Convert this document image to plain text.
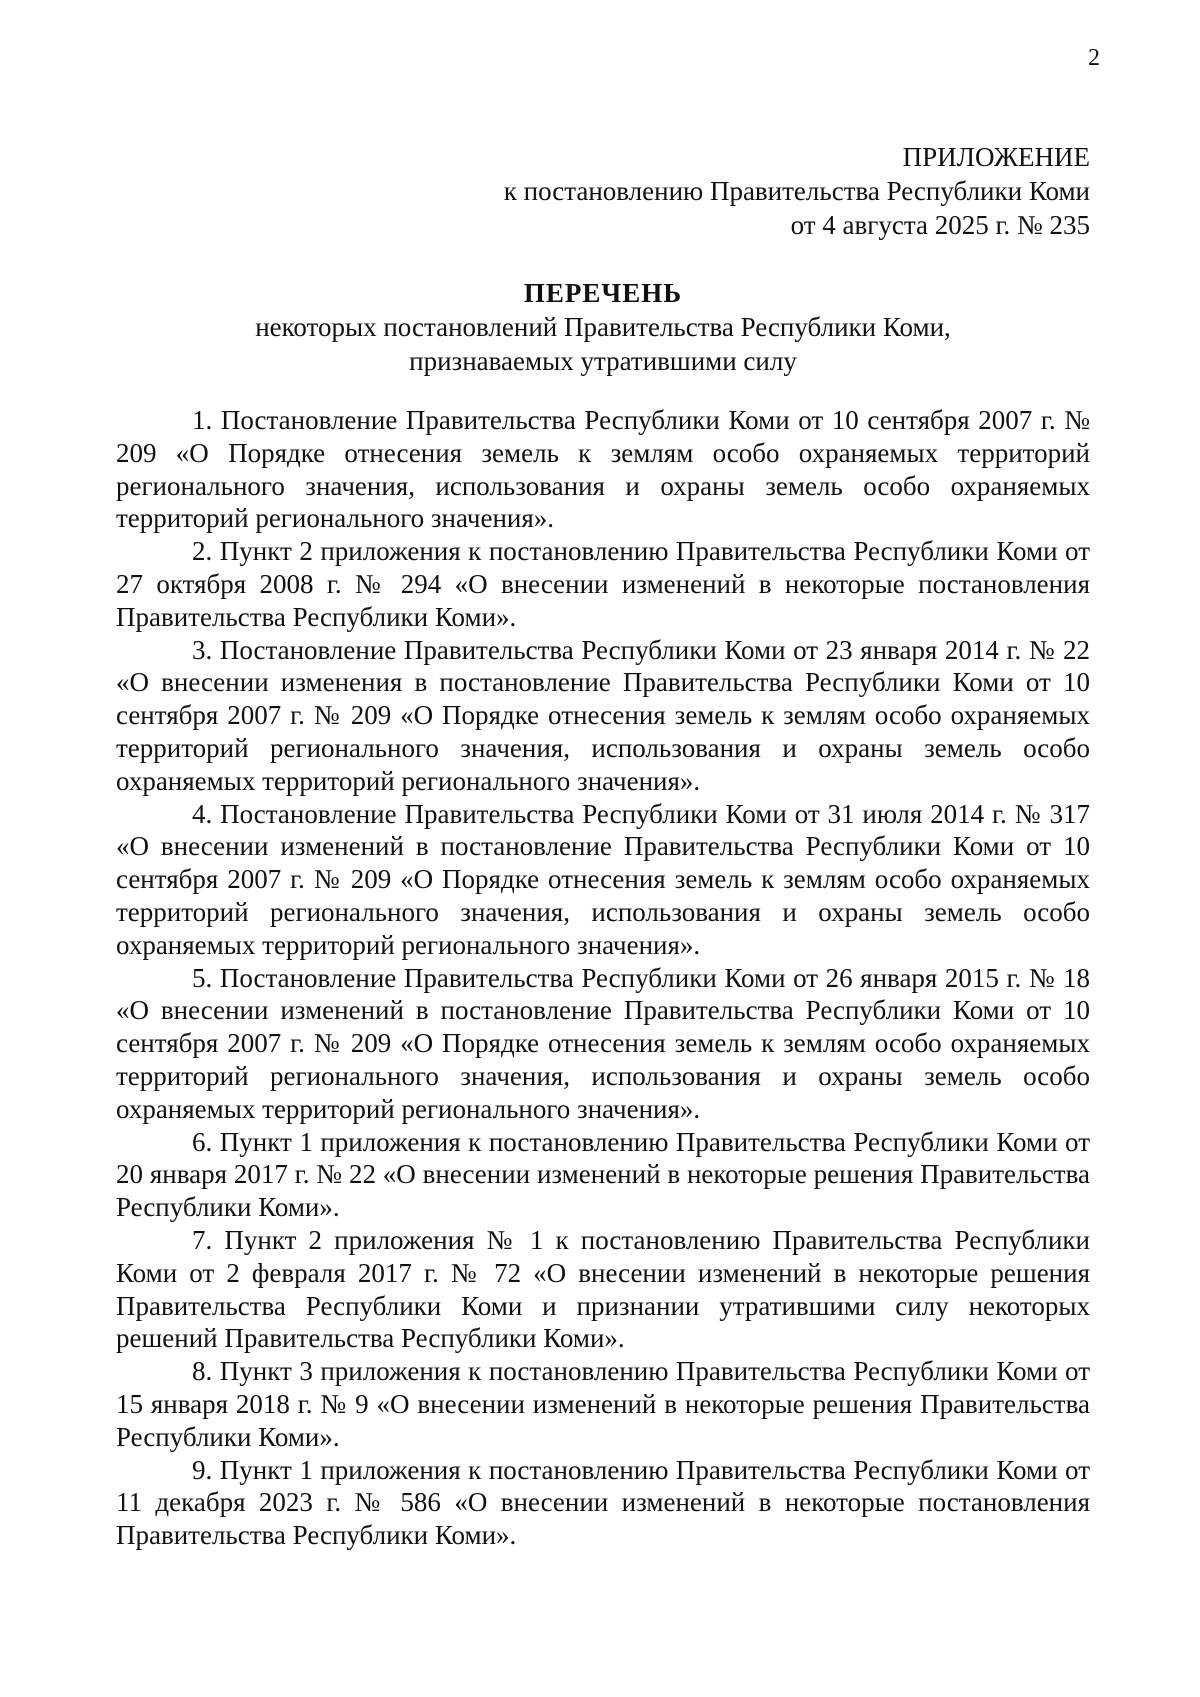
2
ПРИЛОЖЕНИЕ
к постановлению Правительства Республики Коми
от 4 августа 2025 г. № 235
ПЕРЕЧЕНЬ
некоторых постановлений Правительства Республики Коми,
признаваемых утратившими силу

1. Постановление Правительства Республики Коми от 10 сентября 2007 г. № 209 «О Порядке отнесения земель к землям особо охраняемых территорий регионального значения, использования и охраны земель особо охраняемых территорий регионального значения».

2. Пункт 2 приложения к постановлению Правительства Республики Коми от 27 октября 2008 г. № 294 «О внесении изменений в некоторые постановления Правительства Республики Коми».

3. Постановление Правительства Республики Коми от 23 января 2014 г. № 22 «О внесении изменения в постановление Правительства Республики Коми от 10 сентября 2007 г. № 209 «О Порядке отнесения земель к землям особо охраняемых территорий регионального значения, использования и охраны земель особо охраняемых территорий регионального значения».

4. Постановление Правительства Республики Коми от 31 июля 2014 г. № 317 «О внесении изменений в постановление Правительства Республики Коми от 10 сентября 2007 г. № 209 «О Порядке отнесения земель к землям особо охраняемых территорий регионального значения, использования и охраны земель особо охраняемых территорий регионального значения».

5. Постановление Правительства Республики Коми от 26 января 2015 г. № 18 «О внесении изменений в постановление Правительства Республики Коми от 10 сентября 2007 г. № 209 «О Порядке отнесения земель к землям особо охраняемых территорий регионального значения, использования и охраны земель особо охраняемых территорий регионального значения».

6. Пункт 1 приложения к постановлению Правительства Республики Коми от 20 января 2017 г. № 22 «О внесении изменений в некоторые решения Правительства Республики Коми».

7. Пункт 2 приложения № 1 к постановлению Правительства Республики Коми от 2 февраля 2017 г. № 72 «О внесении изменений в некоторые решения Правительства Республики Коми и признании утратившими силу некоторых решений Правительства Республики Коми».

8. Пункт 3 приложения к постановлению Правительства Республики Коми от 15 января 2018 г. № 9 «О внесении изменений в некоторые решения Правительства Республики Коми».

9. Пункт 1 приложения к постановлению Правительства Республики Коми от 11 декабря 2023 г. № 586 «О внесении изменений в некоторые постановления Правительства Республики Коми».
